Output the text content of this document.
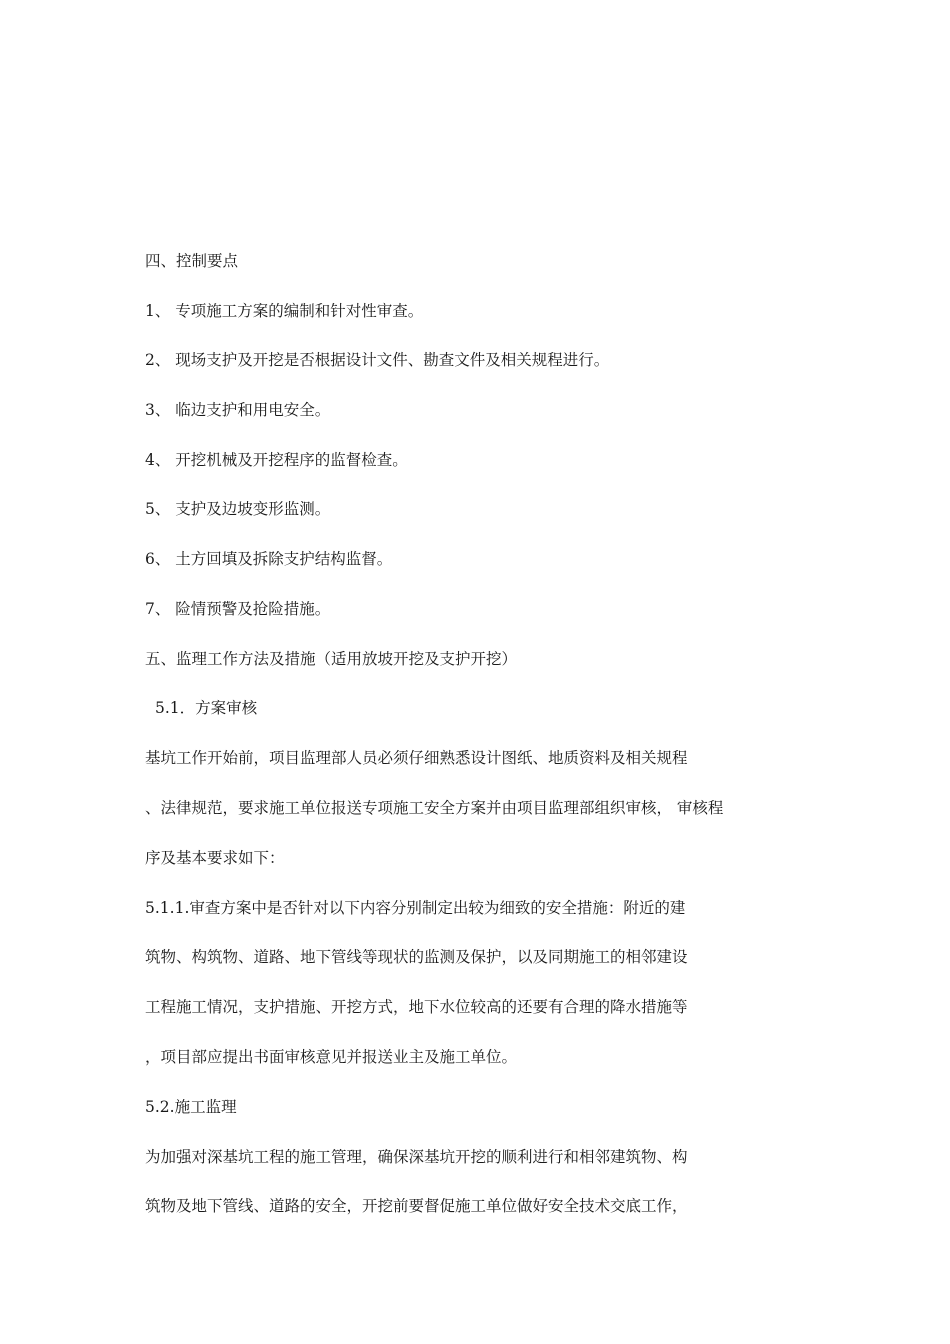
四、控制要点
1、 专项施工方案的编制和针对性审查。
2、 现场支护及开挖是否根据设计文件、勘查文件及相关规程进行。
3、 临边支护和用电安全。
4、 开挖机械及开挖程序的监督检查。
5、 支护及边坡变形监测。
6、 土方回填及拆除支护结构监督。
7、 险情预警及抢险措施。
五、监理工作方法及措施（适用放坡开挖及支护开挖）
5.1．方案审核
基坑工作开始前，项目监理部人员必须仔细熟悉设计图纸、地质资料及相关规程
、法律规范，要求施工单位报送专项施工安全方案并由项目监理部组织审核， 审核程
序及基本要求如下：
5.1.1.审查方案中是否针对以下内容分别制定出较为细致的安全措施：附近的建
筑物、构筑物、道路、地下管线等现状的监测及保护，以及同期施工的相邻建设
工程施工情况，支护措施、开挖方式，地下水位较高的还要有合理的降水措施等
，项目部应提出书面审核意见并报送业主及施工单位。
5.2.施工监理
为加强对深基坑工程的施工管理，确保深基坑开挖的顺利进行和相邻建筑物、构
筑物及地下管线、道路的安全，开挖前要督促施工单位做好安全技术交底工作，
